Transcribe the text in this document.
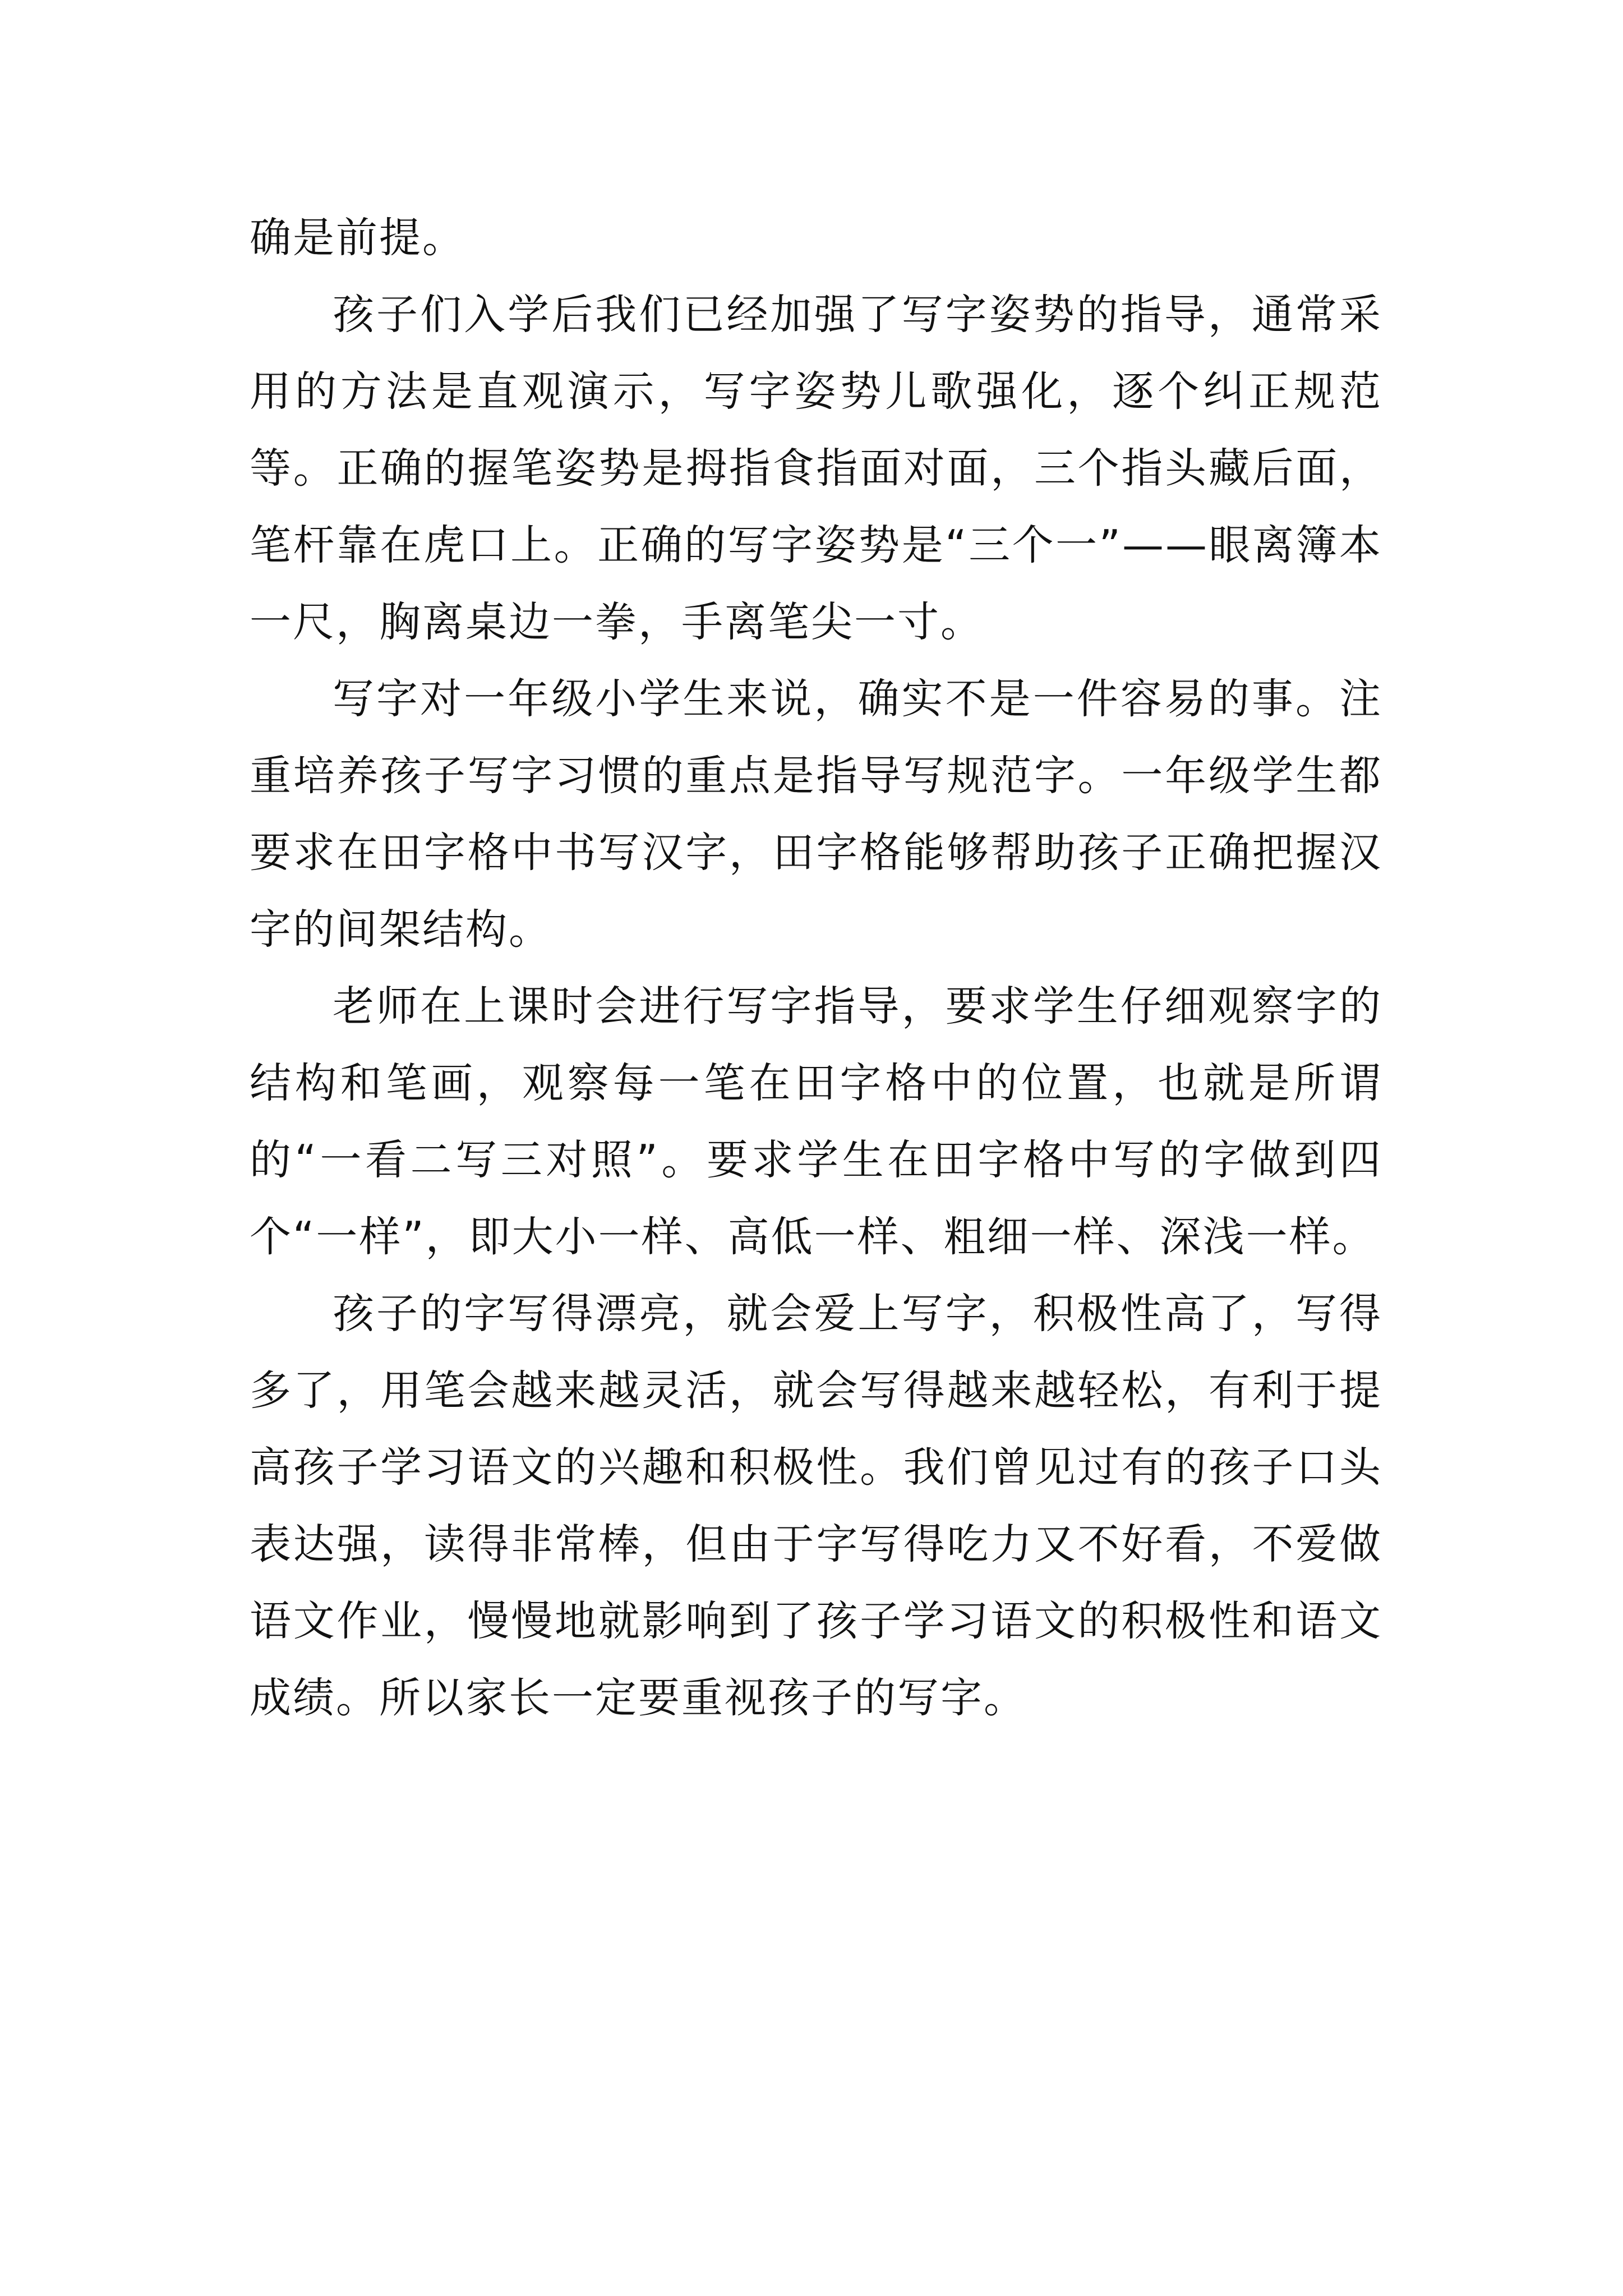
确是前提。

孩子们入学后我们已经加强了写字姿势的指导，通常采用的方法是直观演示，写字姿势儿歌强化，逐个纠正规范等。正确的握笔姿势是拇指食指面对面，三个指头藏后面，笔杆靠在虎口上。正确的写字姿势是“三个一”——眼离簿本一尺，胸离桌边一拳，手离笔尖一寸。

写字对一年级小学生来说，确实不是一件容易的事。注重培养孩子写字习惯的重点是指导写规范字。一年级学生都要求在田字格中书写汉字，田字格能够帮助孩子正确把握汉字的间架结构。

老师在上课时会进行写字指导，要求学生仔细观察字的结构和笔画，观察每一笔在田字格中的位置，也就是所谓的“一看二写三对照”。要求学生在田字格中写的字做到四个“一样”，即大小一样、高低一样、粗细一样、深浅一样。

孩子的字写得漂亮，就会爱上写字，积极性高了，写得多了，用笔会越来越灵活，就会写得越来越轻松，有利于提高孩子学习语文的兴趣和积极性。我们曾见过有的孩子口头表达强，读得非常棒，但由于字写得吃力又不好看，不爱做语文作业，慢慢地就影响到了孩子学习语文的积极性和语文成绩。所以家长一定要重视孩子的写字。
